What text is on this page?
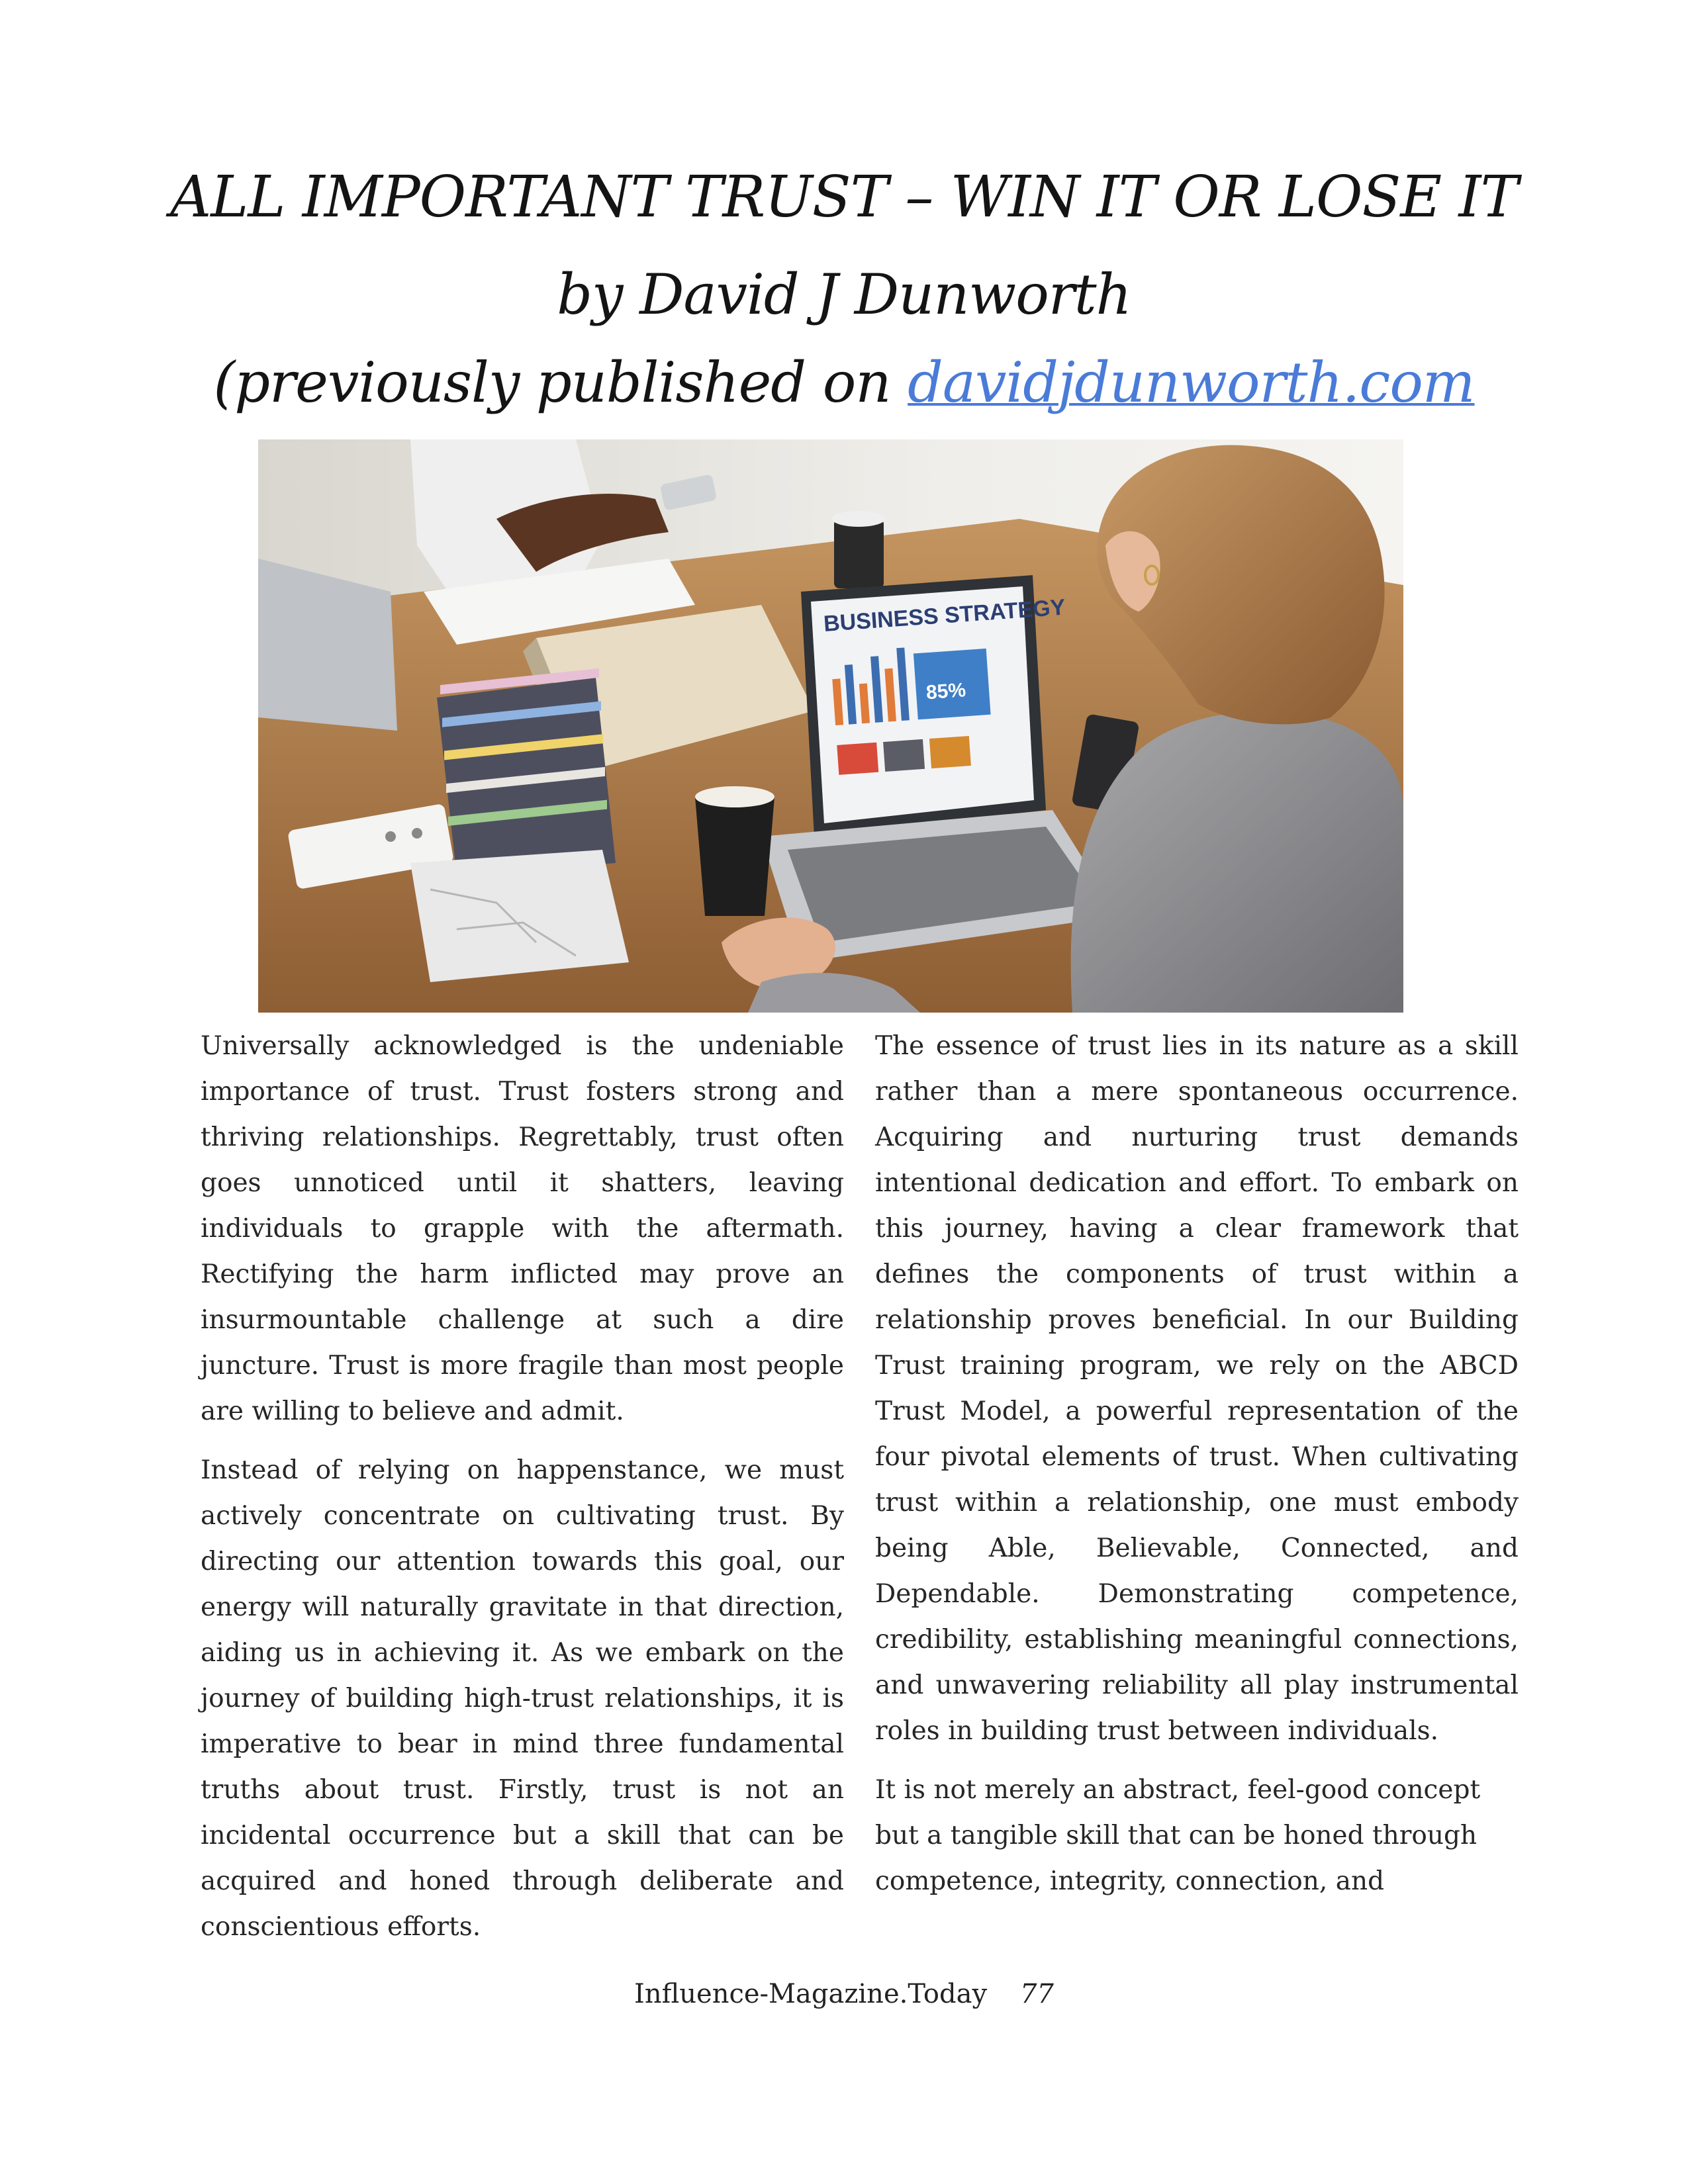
ALL IMPORTANT TRUST – WIN IT OR LOSE IT
by David J Dunworth
(previously published on davidjdunworth.com
BUSINESS STRATEGY
85%

Universally acknowledged is the undeniable importance of trust. Trust fosters strong and thriving relationships. Regrettably, trust often goes unnoticed until it shatters, leaving individuals to grapple with the aftermath. Rectifying the harm inflicted may prove an insurmountable challenge at such a dire juncture. Trust is more fragile than most people are willing to believe and admit.

Instead of relying on happenstance, we must actively concentrate on cultivating trust. By directing our attention towards this goal, our energy will naturally gravitate in that direction, aiding us in achieving it. As we embark on the journey of building high-trust relationships, it is imperative to bear in mind three fundamental truths about trust. Firstly, trust is not an incidental occurrence but a skill that can be acquired and honed through deliberate and conscientious efforts.

The essence of trust lies in its nature as a skill rather than a mere spontaneous occurrence. Acquiring and nurturing trust demands intentional dedication and effort. To embark on this journey, having a clear framework that defines the components of trust within a relationship proves beneficial. In our Building Trust training program, we rely on the ABCD Trust Model, a powerful representation of the four pivotal elements of trust. When cultivating trust within a relationship, one must embody being Able, Believable, Connected, and Dependable. Demonstrating competence, credibility, establishing meaningful connections, and unwavering reliability all play instrumental roles in building trust between individuals.

It is not merely an abstract, feel-good concept but a tangible skill that can be honed through competence, integrity, connection, and

Influence-Magazine.Today 77
